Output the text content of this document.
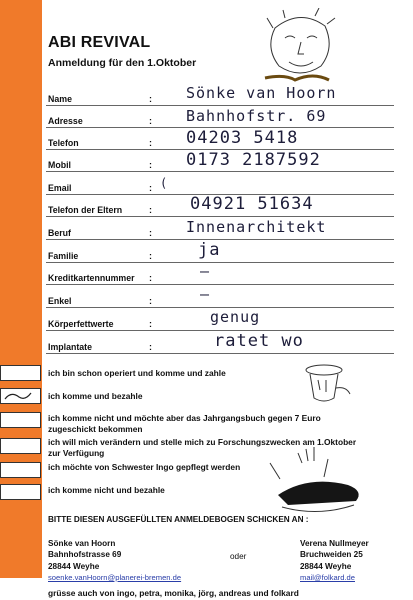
ABI REVIVAL
Anmeldung für den 1.Oktober
Name	: Sönke van Hoorn
Adresse	: Bahnhofstr. 69
Telefon	: 04203 5418
Mobil	: 0173 2187592
Email	: (
Telefon der Eltern	: 04921 51634
Beruf	: Innenarchitekt
Familie	:	ja
Kreditkartennummer :	—
Enkel	:	—
Körperfettwerte	:	genug
Implantate	:	ratet wo
ich bin schon operiert und komme und zahle
ich komme und bezahle
ich komme nicht und möchte aber das Jahrgangsbuch gegen 7 Euro zugeschickt bekommen
ich will mich verändern und stelle mich zu Forschungszwecken am 1.Oktober zur Verfügung
ich möchte von Schwester Ingo gepflegt werden
ich komme nicht und bezahle
BITTE DIESEN AUSGEFÜLLTEN ANMELDEBOGEN SCHICKEN AN :
Sönke van Hoorn
Bahnhofstrasse 69
28844 Weyhe
soenke.vanHoorn@planerei-bremen.de
oder
Verena Nullmeyer
Bruchweiden 25
28844 Weyhe
mail@folkard.de
grüsse auch von ingo, petra, monika, jörg, andreas und folkard
